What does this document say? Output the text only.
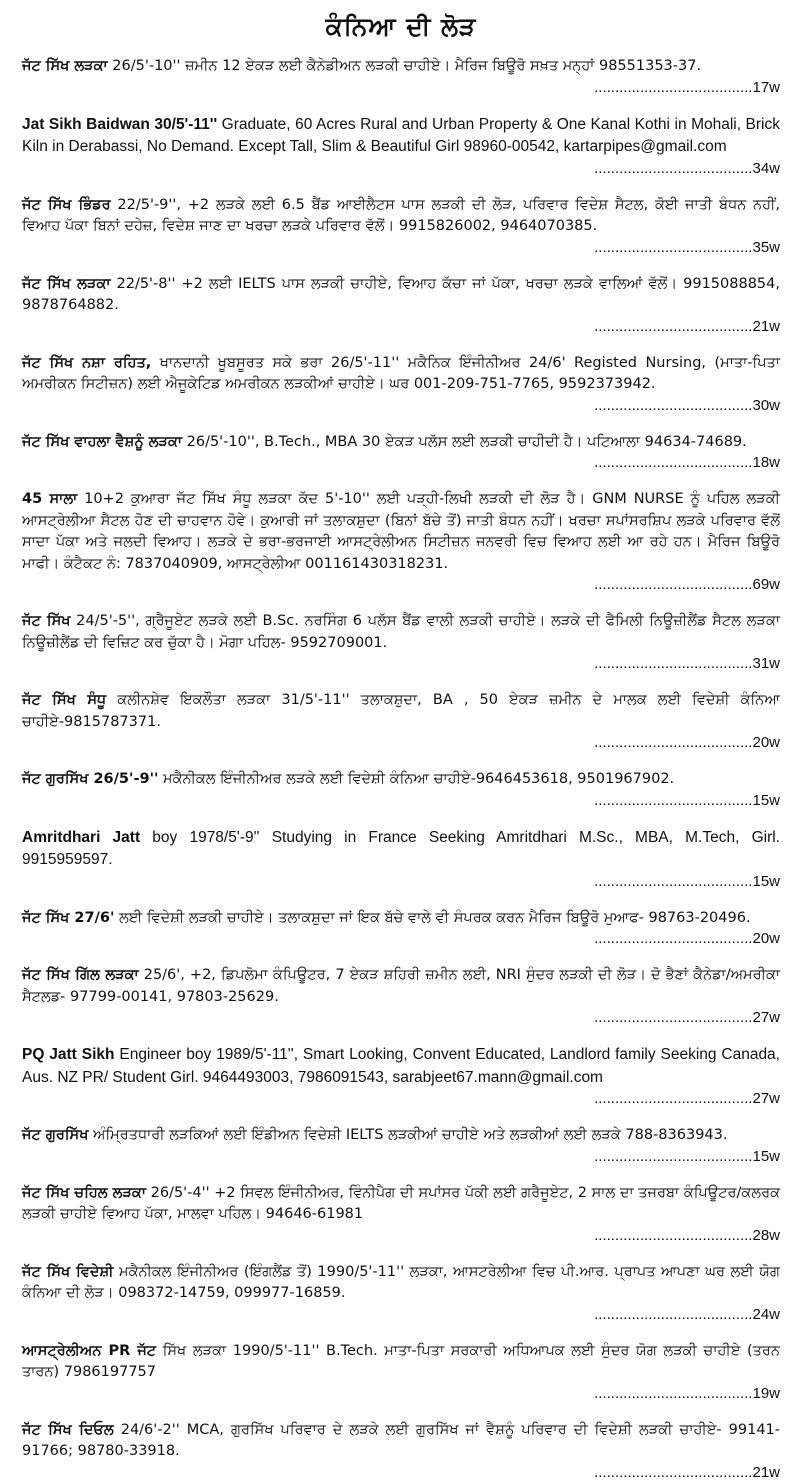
ਕੰਨਿਆ ਦੀ ਲੋੜ
ਜੱਟ ਸਿੱਖ ਲੜਕਾ 26/5'-10'' ਜ਼ਮੀਨ 12 ਏਕੜ ਲਈ ਕੈਨੇਡੀਅਨ ਲੜਕੀ ਚਾਹੀਏ। ਮੈਰਿਜ ਬਿਊਰੋ ਸਖ਼ਤ ਮਨ੍ਹਾਂ 98551353-37.
......................................17w
Jat Sikh Baidwan 30/5'-11'' Graduate, 60 Acres Rural and Urban Property & One Kanal Kothi in Mohali, Brick Kiln in Derabassi, No Demand. Except Tall, Slim & Beautiful Girl 98960-00542, kartarpipes@gmail.com
......................................34w
ਜੱਟ ਸਿੱਖ ਭਿੰਡਰ 22/5'-9'', +2 ਲੜਕੇ ਲਈ 6.5 ਬੈਂਡ ਆਈਲੈਟਸ ਪਾਸ ਲੜਕੀ ਦੀ ਲੋੜ, ਪਰਿਵਾਰ ਵਿਦੇਸ਼ ਸੈਟਲ, ਕੋਈ ਜਾਤੀ ਬੰਧਨ ਨਹੀਂ, ਵਿਆਹ ਪੱਕਾ ਬਿਨਾਂ ਦਹੇਜ਼, ਵਿਦੇਸ਼ ਜਾਣ ਦਾ ਖਰਚਾ ਲੜਕੇ ਪਰਿਵਾਰ ਵੱਲੋਂ। 9915826002, 9464070385.
......................................35w
ਜੱਟ ਸਿੱਖ ਲੜਕਾ 22/5'-8'' +2 ਲਈ IELTS ਪਾਸ ਲੜਕੀ ਚਾਹੀਏ, ਵਿਆਹ ਕੱਚਾ ਜਾਂ ਪੱਕਾ, ਖਰਚਾ ਲੜਕੇ ਵਾਲਿਆਂ ਵੱਲੋਂ। 9915088854, 9878764882.
......................................21w
ਜੱਟ ਸਿੱਖ ਨਸ਼ਾ ਰਹਿਤ, ਖਾਨਦਾਨੀ ਖੂਬਸੂਰਤ ਸਕੇ ਭਰਾ 26/5'-11'' ਮਕੈਨਿਕ ਇੰਜੀਨੀਅਰ 24/6' Registed Nursing, (ਮਾਤਾ-ਪਿਤਾ ਅਮਰੀਕਨ ਸਿਟੀਜ਼ਨ) ਲਈ ਐਜੂਕੇਟਿਡ ਅਮਰੀਕਨ ਲੜਕੀਆਂ ਚਾਹੀਏ। ਘਰ 001-209-751-7765, 9592373942.
......................................30w
ਜੱਟ ਸਿੱਖ ਵਾਹਲਾ ਵੈਸ਼ਨੂੰ ਲੜਕਾ 26/5'-10'', B.Tech., MBA 30 ਏਕੜ ਪਲੱਸ ਲਈ ਲੜਕੀ ਚਾਹੀਦੀ ਹੈ। ਪਟਿਆਲਾ 94634-74689.
......................................18w
45 ਸਾਲਾ 10+2 ਕੁਆਰਾ ਜੱਟ ਸਿੱਖ ਸੰਧੂ ਲੜਕਾ ਕੱਦ 5'-10'' ਲਈ ਪੜ੍ਹੀ-ਲਿਖੀ ਲੜਕੀ ਦੀ ਲੋੜ ਹੈ। GNM NURSE ਨੂੰ ਪਹਿਲ ਲੜਕੀ ਆਸਟ੍ਰੇਲੀਆ ਸੈਟਲ ਹੋਣ ਦੀ ਚਾਹਵਾਨ ਹੋਵੇ। ਕੁਆਰੀ ਜਾਂ ਤਲਾਕਸ਼ੁਦਾ (ਬਿਨਾਂ ਬੱਚੇ ਤੋਂ) ਜਾਤੀ ਬੰਧਨ ਨਹੀਂ। ਖਰਚਾ ਸਪਾਂਸਰਸ਼ਿਪ ਲੜਕੇ ਪਰਿਵਾਰ ਵੱਲੋਂ ਸਾਦਾ ਪੱਕਾ ਅਤੇ ਜਲਦੀ ਵਿਆਹ। ਲੜਕੇ ਦੇ ਭਰਾ-ਭਰਜਾਈ ਆਸਟ੍ਰੇਲੀਅਨ ਸਿਟੀਜ਼ਨ ਜਨਵਰੀ ਵਿਚ ਵਿਆਹ ਲਈ ਆ ਰਹੇ ਹਨ। ਮੈਰਿਜ ਬਿਊਰੋ ਮਾਫੀ। ਕੰਟੈਕਟ ਨੰ: 7837040909, ਆਸਟ੍ਰੇਲੀਆ 001161430318231.
......................................69w
ਜੱਟ ਸਿੱਖ 24/5'-5'', ਗ੍ਰੈਜੂਏਟ ਲੜਕੇ ਲਈ B.Sc. ਨਰਸਿੰਗ 6 ਪਲੱਸ ਬੈਂਡ ਵਾਲੀ ਲੜਕੀ ਚਾਹੀਏ। ਲੜਕੇ ਦੀ ਫੈਮਿਲੀ ਨਿਊਜ਼ੀਲੈਂਡ ਸੈਟਲ ਲੜਕਾ ਨਿਊਜ਼ੀਲੈਂਡ ਦੀ ਵਿਜ਼ਿਟ ਕਰ ਚੁੱਕਾ ਹੈ। ਮੋਗਾ ਪਹਿਲ- 9592709001.
......................................31w
ਜੱਟ ਸਿੱਖ ਸੰਧੂ ਕਲੀਨਸ਼ੇਵ ਇਕਲੌਤਾ ਲੜਕਾ 31/5'-11'' ਤਲਾਕਸ਼ੁਦਾ, BA , 50 ਏਕੜ ਜ਼ਮੀਨ ਦੇ ਮਾਲਕ ਲਈ ਵਿਦੇਸ਼ੀ ਕੰਨਿਆ ਚਾਹੀਏ-9815787371.
......................................20w
ਜੱਟ ਗੁਰਸਿੱਖ 26/5'-9'' ਮਕੈਨੀਕਲ ਇੰਜੀਨੀਅਰ ਲੜਕੇ ਲਈ ਵਿਦੇਸ਼ੀ ਕੰਨਿਆ ਚਾਹੀਏ-9646453618, 9501967902.
......................................15w
Amritdhari Jatt boy 1978/5'-9'' Studying in France Seeking Amritdhari M.Sc., MBA, M.Tech, Girl. 9915959597.
......................................15w
ਜੱਟ ਸਿੱਖ 27/6' ਲਈ ਵਿਦੇਸ਼ੀ ਲੜਕੀ ਚਾਹੀਏ। ਤਲਾਕਸ਼ੁਦਾ ਜਾਂ ਇਕ ਬੱਚੇ ਵਾਲੇ ਵੀ ਸੰਪਰਕ ਕਰਨ ਮੈਰਿਜ ਬਿਊਰੋ ਮੁਆਫ- 98763-20496.
......................................20w
ਜੱਟ ਸਿੱਖ ਗਿੱਲ ਲੜਕਾ 25/6', +2, ਡਿਪਲੋਮਾ ਕੰਪਿਊਟਰ, 7 ਏਕੜ ਸ਼ਹਿਰੀ ਜ਼ਮੀਨ ਲਈ, NRI ਸੁੰਦਰ ਲੜਕੀ ਦੀ ਲੋੜ। ਦੋ ਭੈਣਾਂ ਕੈਨੇਡਾ/ਅਮਰੀਕਾ ਸੈਟਲਡ- 97799-00141, 97803-25629.
......................................27w
PQ Jatt Sikh Engineer boy 1989/5'-11'', Smart Looking, Convent Educated, Landlord family Seeking Canada, Aus. NZ PR/ Student Girl. 9464493003, 7986091543, sarabjeet67.mann@gmail.com
......................................27w
ਜੱਟ ਗੁਰਸਿੱਖ ਅੰਮ੍ਰਿਤਧਾਰੀ ਲੜਕਿਆਂ ਲਈ ਇੰਡੀਅਨ ਵਿਦੇਸ਼ੀ IELTS ਲੜਕੀਆਂ ਚਾਹੀਏ ਅਤੇ ਲੜਕੀਆਂ ਲਈ ਲੜਕੇ 788-8363943.
......................................15w
ਜੱਟ ਸਿੱਖ ਚਹਿਲ ਲੜਕਾ 26/5'-4'' +2 ਸਿਵਲ ਇੰਜੀਨੀਅਰ, ਵਿੰਨੀਪੈਗ ਦੀ ਸਪਾਂਸਰ ਪੱਕੀ ਲਈ ਗਰੈਜੂਏਟ, 2 ਸਾਲ ਦਾ ਤਜਰਬਾ ਕੰਪਿਊਟਰ/ਕਲਰਕ ਲੜਕੀ ਚਾਹੀਏ ਵਿਆਹ ਪੱਕਾ, ਮਾਲਵਾ ਪਹਿਲ। 94646-61981
......................................28w
ਜੱਟ ਸਿੱਖ ਵਿਦੇਸ਼ੀ ਮਕੈਨੀਕਲ ਇੰਜੀਨੀਅਰ (ਇੰਗਲੈਂਡ ਤੋਂ) 1990/5'-11'' ਲੜਕਾ, ਆਸਟਰੇਲੀਆ ਵਿਚ ਪੀ.ਆਰ. ਪ੍ਰਾਪਤ ਆਪਣਾ ਘਰ ਲਈ ਯੋਗ ਕੰਨਿਆ ਦੀ ਲੋੜ। 098372-14759, 099977-16859.
......................................24w
ਆਸਟ੍ਰੇਲੀਅਨ PR ਜੱਟ ਸਿੱਖ ਲੜਕਾ 1990/5'-11'' B.Tech. ਮਾਤਾ-ਪਿਤਾ ਸਰਕਾਰੀ ਅਧਿਆਪਕ ਲਈ ਸੁੰਦਰ ਯੋਗ ਲੜਕੀ ਚਾਹੀਏ (ਤਰਨ ਤਾਰਨ) 7986197757
......................................19w
ਜੱਟ ਸਿੱਖ ਦਿਓਲ 24/6'-2'' MCA, ਗੁਰਸਿੱਖ ਪਰਿਵਾਰ ਦੇ ਲੜਕੇ ਲਈ ਗੁਰਸਿੱਖ ਜਾਂ ਵੈਸ਼ਨੂੰ ਪਰਿਵਾਰ ਦੀ ਵਿਦੇਸ਼ੀ ਲੜਕੀ ਚਾਹੀਏ- 99141-91766; 98780-33918.
......................................21w
